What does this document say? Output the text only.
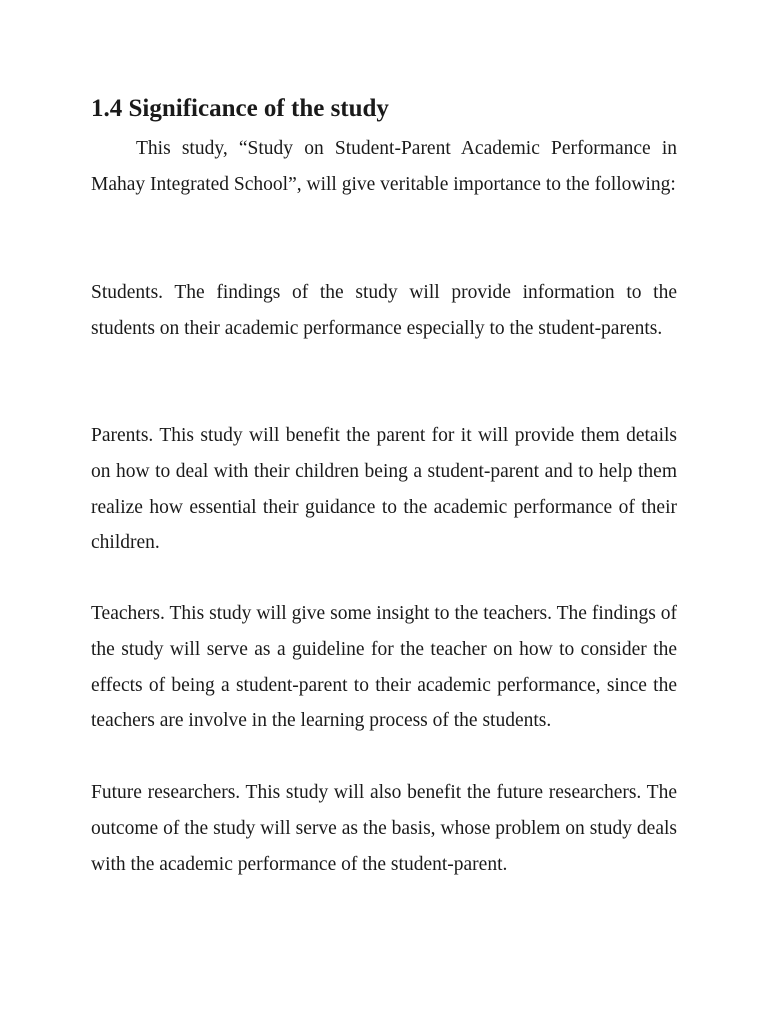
1.4 Significance of the study

This study, “Study on Student-Parent Academic Performance in Mahay Integrated School”, will give veritable importance to the following:

Students. The findings of the study will provide information to the students on their academic performance especially to the student-parents.

Parents. This study will benefit the parent for it will provide them details on how to deal with their children being a student-parent and to help them realize how essential their guidance to the academic performance of their children.

Teachers. This study will give some insight to the teachers. The findings of the study will serve as a guideline for the teacher on how to consider the effects of being a student-parent to their academic performance, since the teachers are involve in the learning process of the students.

Future researchers. This study will also benefit the future researchers. The outcome of the study will serve as the basis, whose problem on study deals with the academic performance of the student-parent.
